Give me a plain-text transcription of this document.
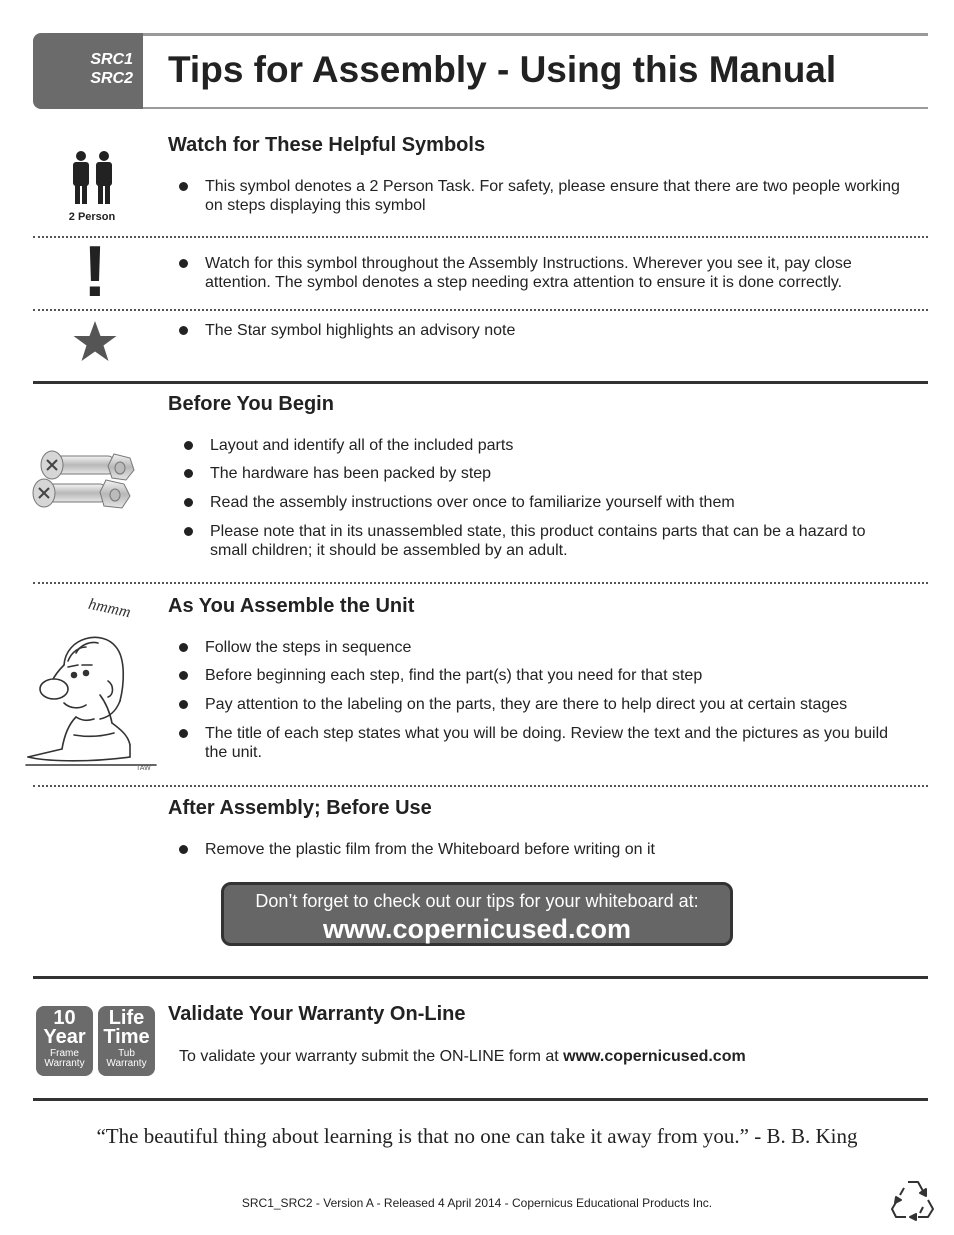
SRC1
SRC2 Tips for Assembly - Using this Manual
Watch for These Helpful Symbols
2 Person
This symbol denotes a 2 Person Task. For safety, please ensure that there are two people working on steps displaying this symbol
!	Watch for this symbol throughout the Assembly Instructions. Wherever you see it, pay close attention. The symbol denotes a step needing extra attention to ensure it is done correctly.
The Star symbol highlights an advisory note
Before You Begin
Layout and identify all of the included parts
The hardware has been packed by step
Read the assembly instructions over once to familiarize yourself with them
Please note that in its unassembled state, this product contains parts that can be a hazard to small children; it should be assembled by an adult.
As You Assemble the Unit
hmmm
TAW
Follow the steps in sequence
Before beginning each step, find the part(s) that you need for that step
Pay attention to the labeling on the parts, they are there to help direct you at certain stages
The title of each step states what you will be doing. Review the text and the pictures as you build the unit.
After Assembly; Before Use
Remove the plastic film from the Whiteboard before writing on it
Don’t forget to check out our tips for your whiteboard at:
www.copernicused.com
10
Year
Frame
Warranty
Life
Time
Tub
Warranty
Validate Your Warranty On-Line
To validate your warranty submit the ON-LINE form at www.copernicused.com
“The beautiful thing about learning is that no one can take it away from you.” - B. B. King
SRC1_SRC2 - Version A - Released 4 April 2014 - Copernicus Educational Products Inc.
